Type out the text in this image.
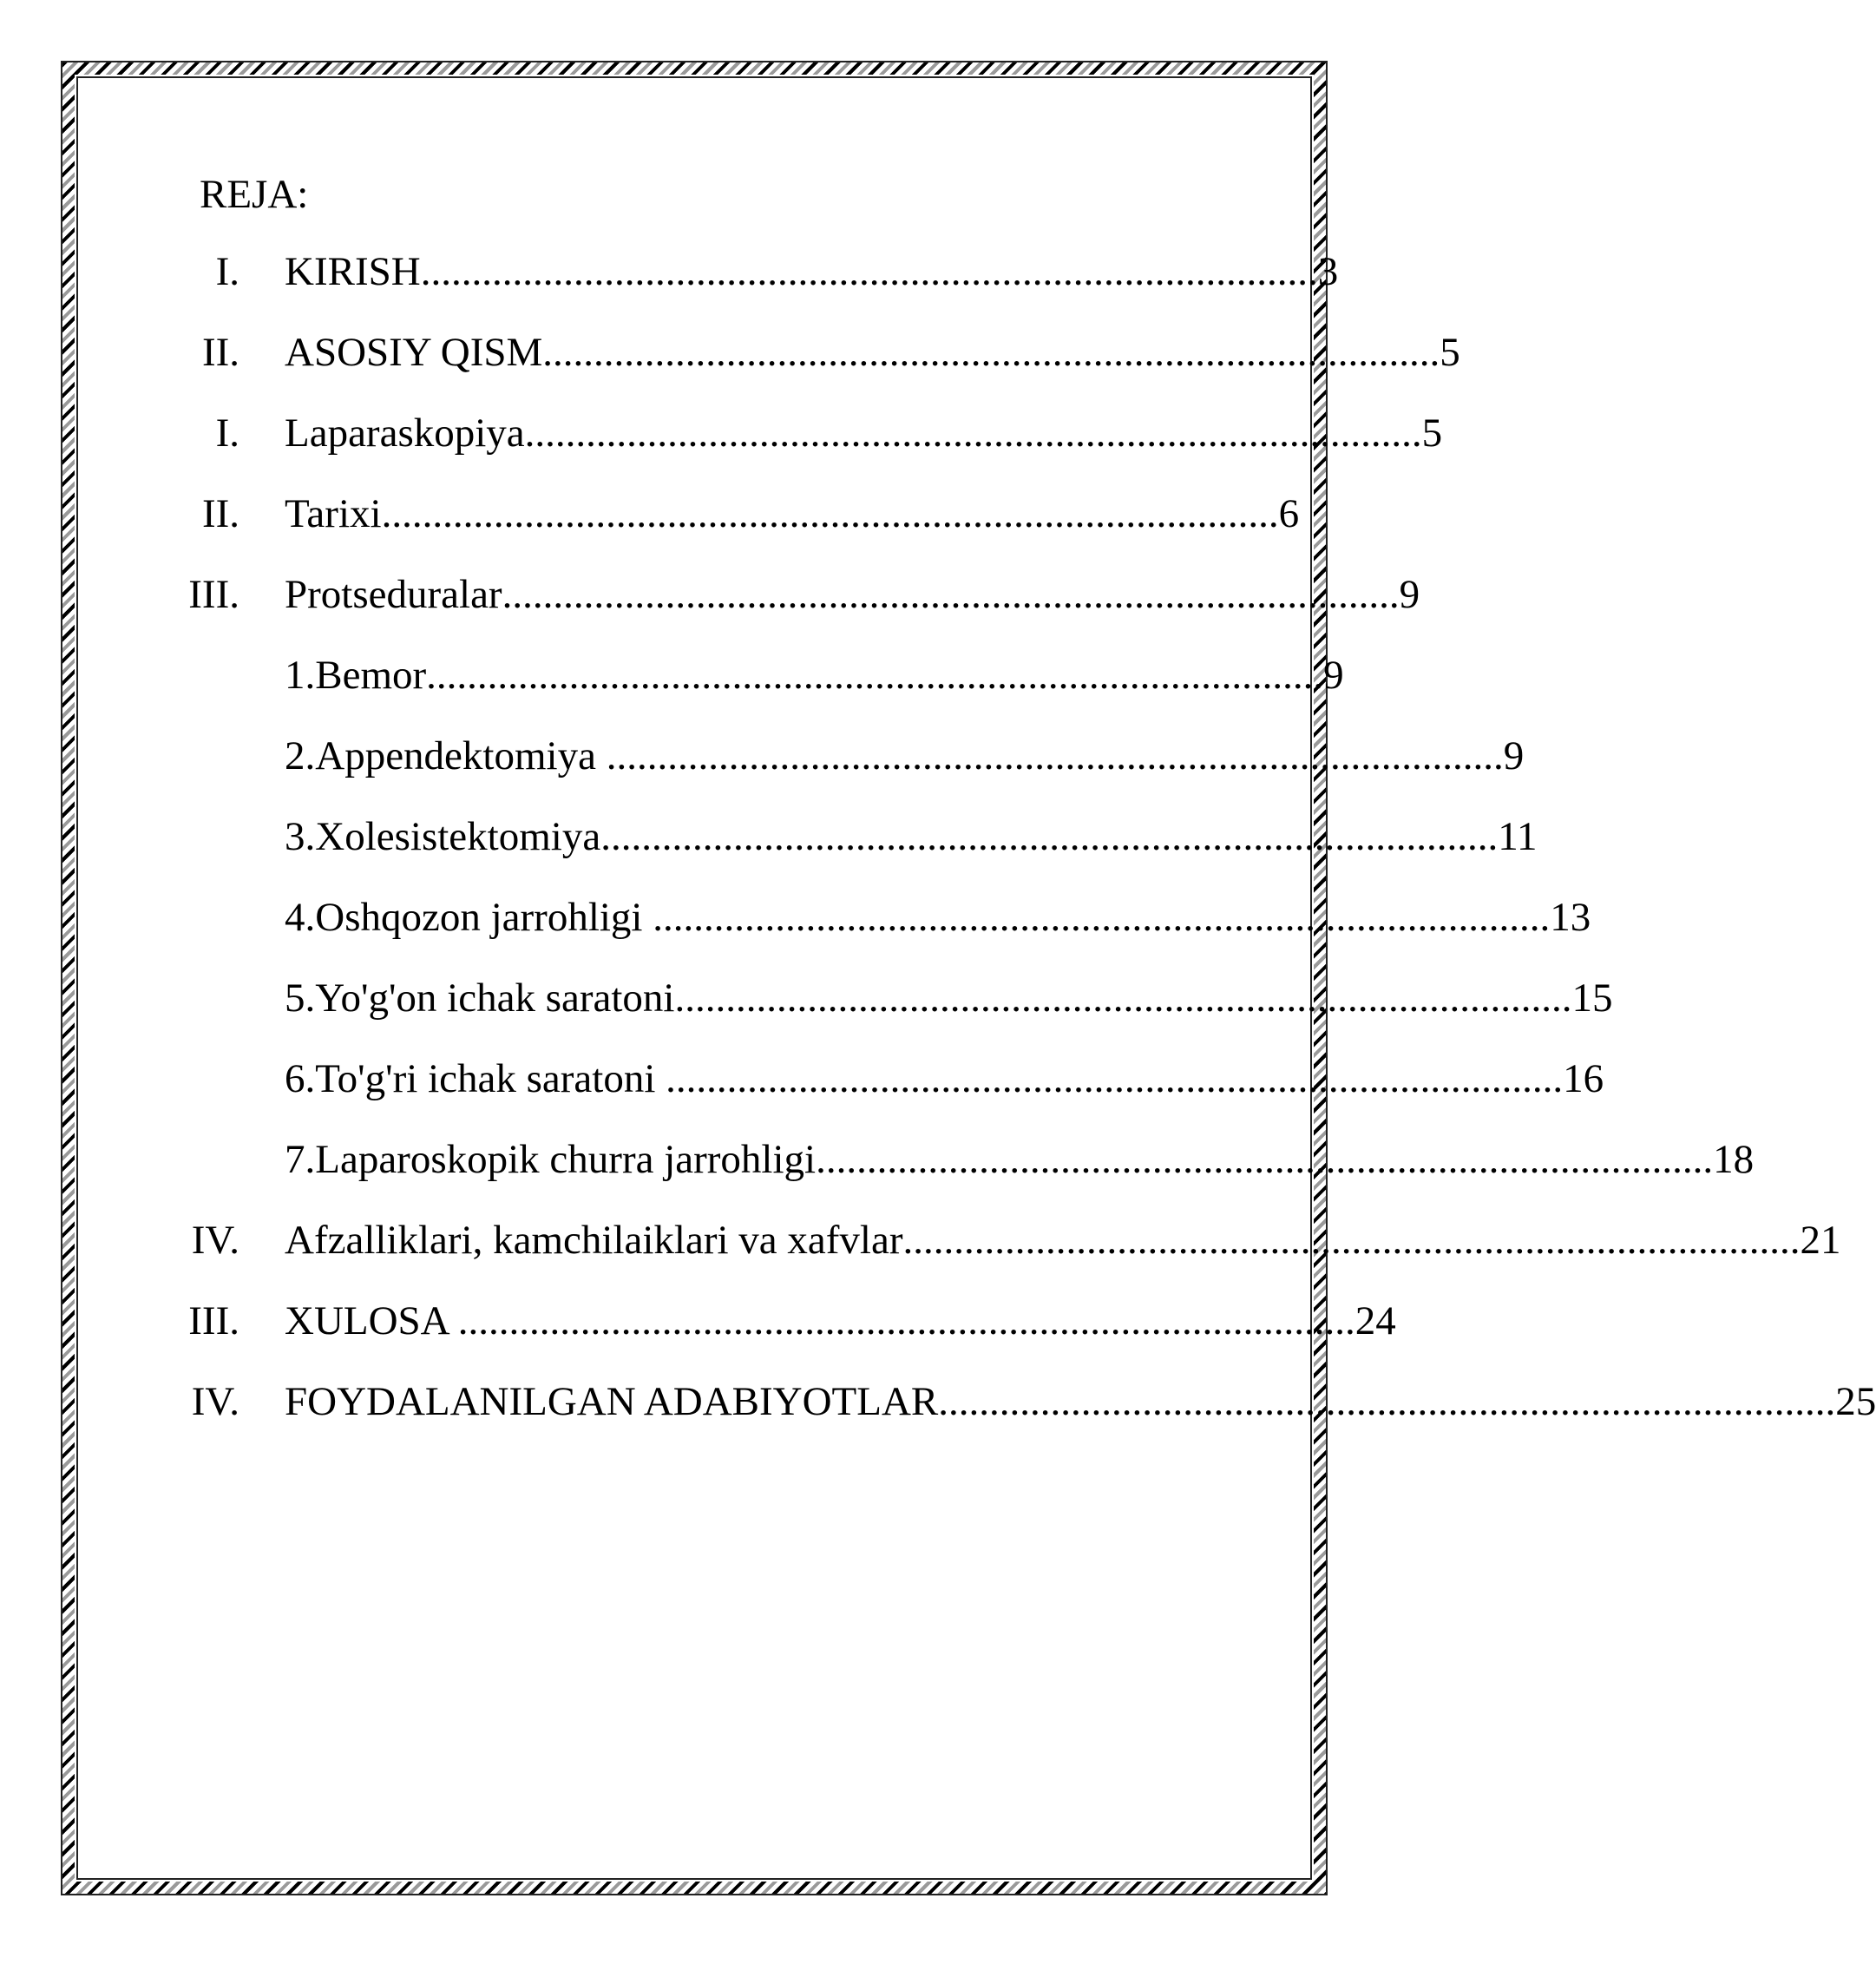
REJA:
I. KIRISH ........................................................................................ 3
II. ASOSIY QISM ........................................................................................ 5
I. Laparaskopiya ........................................................................................ 5
II. Tarixi ........................................................................................ 6
III. Protseduralar ........................................................................................ 9
1. Bemor ........................................................................................ 9
2. Appendektomiya ........................................................................................ 9
3. Xolesistektomiya ........................................................................................ 11
4. Oshqozon jarrohligi ........................................................................................ 13
5. Yo'g'on ichak saratoni ........................................................................................ 15
6. To'g'ri ichak saratoni ........................................................................................ 16
7. Laparoskopik churra jarrohligi ........................................................................................ 18
IV. Afzalliklari, kamchilaiklari va xafvlar ........................................................................................ 21
III. XULOSA ........................................................................................ 24
IV. FOYDALANILGAN ADABIYOTLAR ........................................................................................ 25
